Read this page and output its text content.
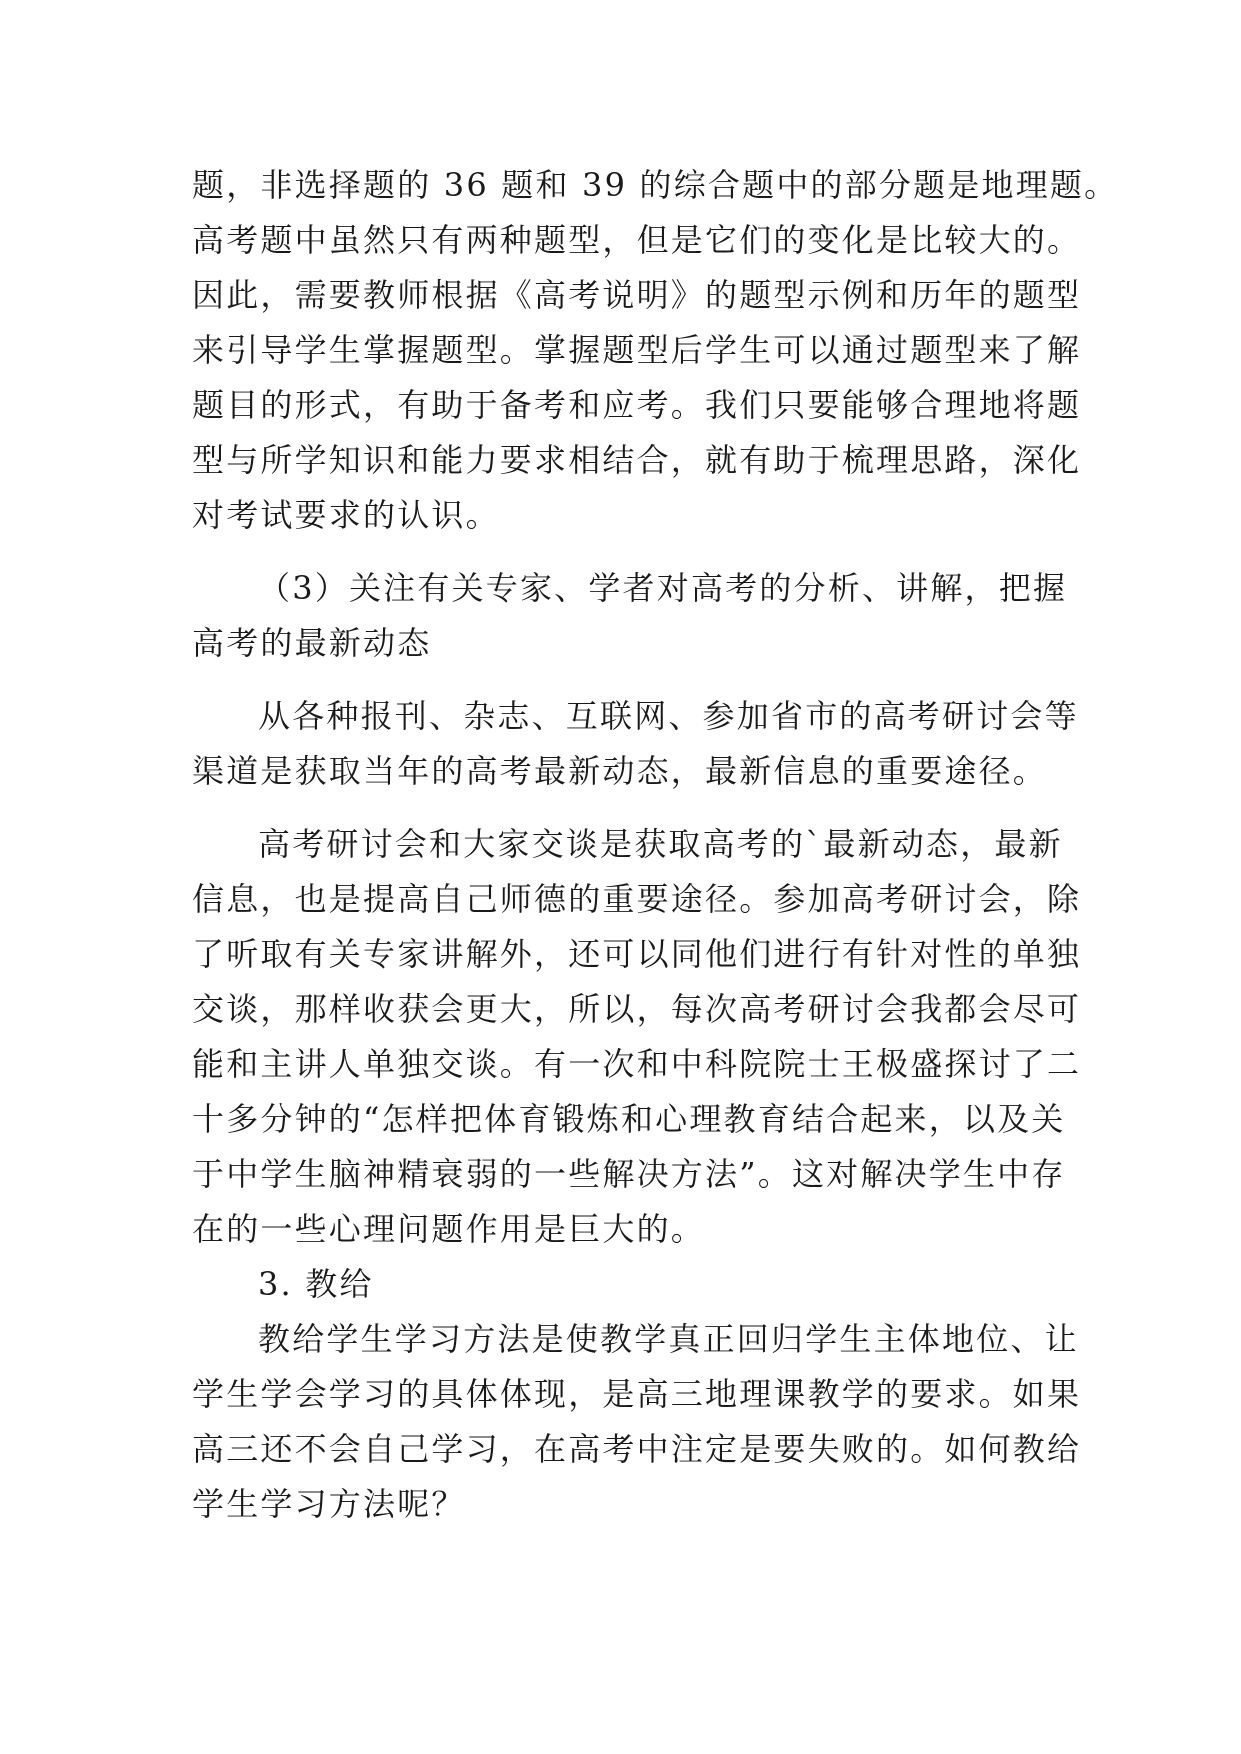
题，非选择题的 36 题和 39 的综合题中的部分题是地理题。

高考题中虽然只有两种题型，但是它们的变化是比较大的。

因此，需要教师根据《高考说明》的题型示例和历年的题型

来引导学生掌握题型。掌握题型后学生可以通过题型来了解

题目的形式，有助于备考和应考。我们只要能够合理地将题

型与所学知识和能力要求相结合，就有助于梳理思路，深化

对考试要求的认识。

（3）关注有关专家、学者对高考的分析、讲解，把握

高考的最新动态

从各种报刊、杂志、互联网、参加省市的高考研讨会等

渠道是获取当年的高考最新动态，最新信息的重要途径。

高考研讨会和大家交谈是获取高考的`最新动态，最新

信息，也是提高自己师德的重要途径。参加高考研讨会，除

了听取有关专家讲解外，还可以同他们进行有针对性的单独

交谈，那样收获会更大，所以，每次高考研讨会我都会尽可

能和主讲人单独交谈。有一次和中科院院士王极盛探讨了二

十多分钟的“怎样把体育锻炼和心理教育结合起来，以及关

于中学生脑神精衰弱的一些解决方法”。这对解决学生中存

在的一些心理问题作用是巨大的。

3. 教给

教给学生学习方法是使教学真正回归学生主体地位、让

学生学会学习的具体体现，是高三地理课教学的要求。如果

高三还不会自己学习，在高考中注定是要失败的。如何教给

学生学习方法呢？
